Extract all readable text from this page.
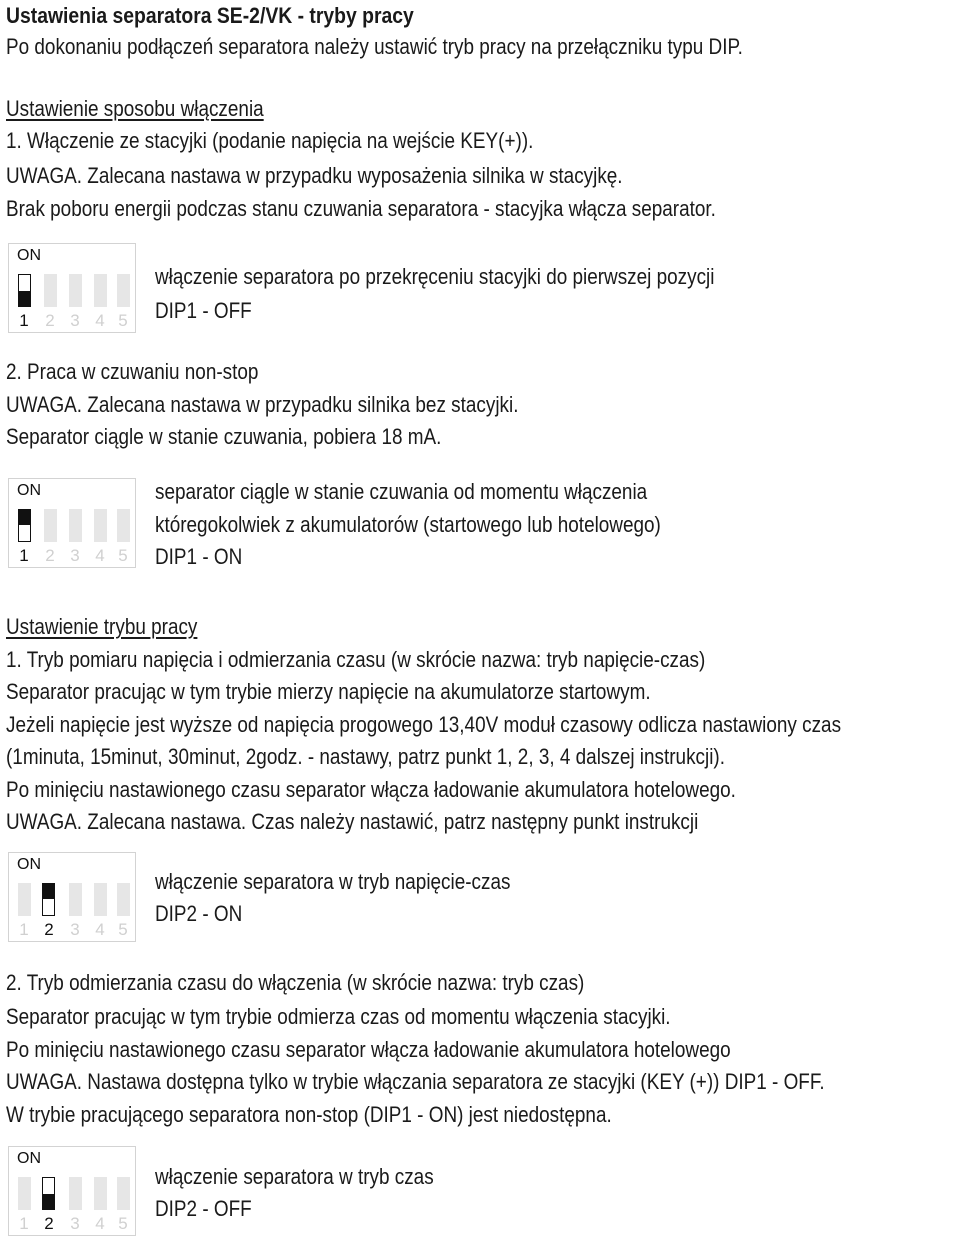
Ustawienia separatora SE-2/VK - tryby pracy
Po dokonaniu podłączeń separatora należy ustawić tryb pracy na przełączniku typu DIP.
Ustawienie sposobu włączenia
1. Włączenie ze stacyjki (podanie napięcia na wejście KEY(+)).
UWAGA. Zalecana nastawa w przypadku wyposażenia silnika w stacyjkę.
Brak poboru energii podczas stanu czuwania separatora - stacyjka włącza separator.
ON
1 2 3 4 5
włączenie separatora po przekręceniu stacyjki do pierwszej pozycji
DIP1 - OFF
2. Praca w czuwaniu non-stop
UWAGA. Zalecana nastawa w przypadku silnika bez stacyjki.
Separator ciągle w stanie czuwania, pobiera 18 mA.
ON
1 2 3 4 5
separator ciągle w stanie czuwania od momentu włączenia
któregokolwiek z akumulatorów (startowego lub hotelowego)
DIP1 - ON
Ustawienie trybu pracy
1. Tryb pomiaru napięcia i odmierzania czasu (w skrócie nazwa: tryb napięcie-czas)
Separator pracując w tym trybie mierzy napięcie na akumulatorze startowym.
Jeżeli napięcie jest wyższe od napięcia progowego 13,40V moduł czasowy odlicza nastawiony czas
(1minuta, 15minut, 30minut, 2godz. - nastawy, patrz punkt 1, 2, 3, 4 dalszej instrukcji).
Po minięciu nastawionego czasu separator włącza ładowanie akumulatora hotelowego.
UWAGA. Zalecana nastawa. Czas należy nastawić, patrz następny punkt instrukcji
ON
1 2 3 4 5
włączenie separatora w tryb napięcie-czas
DIP2 - ON
2. Tryb odmierzania czasu do włączenia (w skrócie nazwa: tryb czas)
Separator pracując w tym trybie odmierza czas od momentu włączenia stacyjki.
Po minięciu nastawionego czasu separator włącza ładowanie akumulatora hotelowego
UWAGA. Nastawa dostępna tylko w trybie włączania separatora ze stacyjki (KEY (+)) DIP1 - OFF.
W trybie pracującego separatora non-stop (DIP1 - ON) jest niedostępna.
ON
1 2 3 4 5
włączenie separatora w tryb czas
DIP2 - OFF
